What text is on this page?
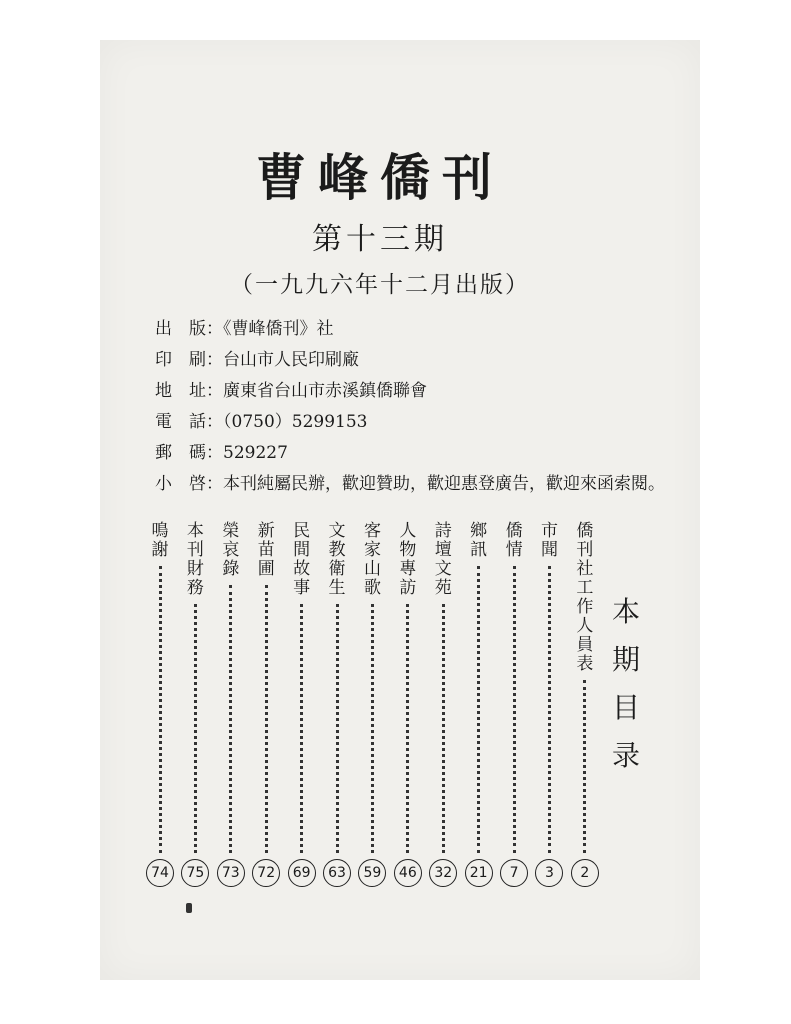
曹峰僑刊
第十三期
（一九九六年十二月出版）
出　版：《曹峰僑刊》社
印　刷：台山市人民印刷廠
地　址：廣東省台山市赤溪鎮僑聯會
電　話：（0750）5299153
郵　碼：529227
小　啓：本刊純屬民辦，歡迎贊助，歡迎惠登廣告，歡迎來函索閱。
本期目录
僑刊社工作人員表
2
市　聞
3
僑　情
7
鄉　訊
21
詩壇文苑
32
人物專訪
46
客家山歌
59
文教衛生
63
民間故事
69
新苗圃
72
榮哀錄
73
本刊財務
75
鳴　謝
74
